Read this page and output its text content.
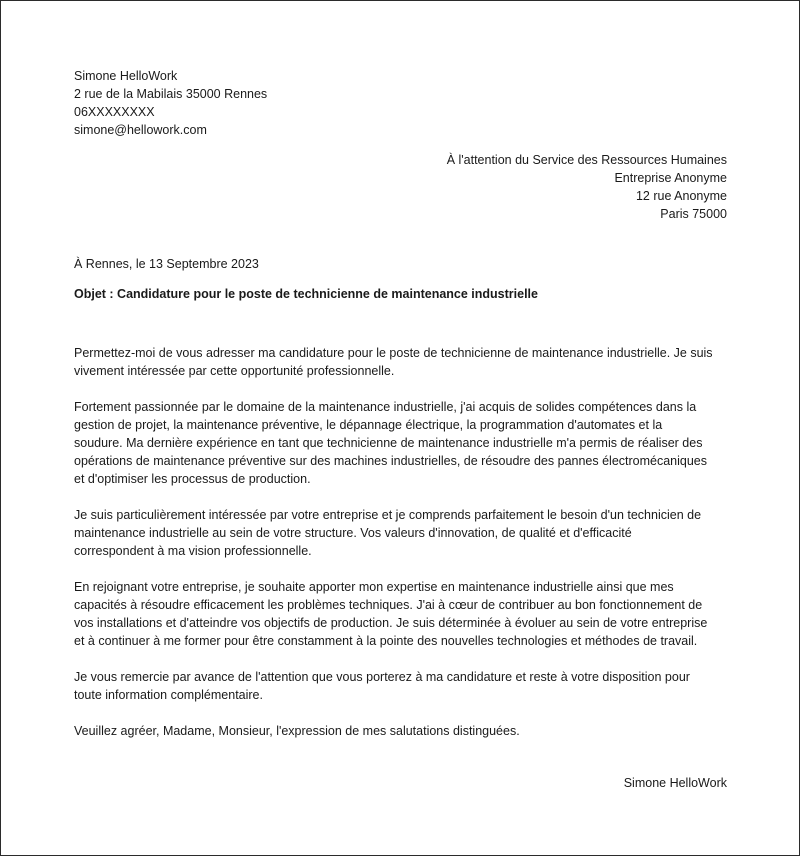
Simone HelloWork
2 rue de la Mabilais 35000 Rennes
06XXXXXXXX
simone@hellowork.com
À l'attention du Service des Ressources Humaines
Entreprise Anonyme
12 rue Anonyme
Paris 75000
À Rennes, le 13 Septembre 2023
Objet : Candidature pour le poste de technicienne de maintenance industrielle

Permettez-moi de vous adresser ma candidature pour le poste de technicienne de maintenance industrielle. Je suis
vivement intéressée par cette opportunité professionnelle.

Fortement passionnée par le domaine de la maintenance industrielle, j'ai acquis de solides compétences dans la
gestion de projet, la maintenance préventive, le dépannage électrique, la programmation d'automates et la
soudure. Ma dernière expérience en tant que technicienne de maintenance industrielle m'a permis de réaliser des
opérations de maintenance préventive sur des machines industrielles, de résoudre des pannes électromécaniques
et d'optimiser les processus de production.

Je suis particulièrement intéressée par votre entreprise et je comprends parfaitement le besoin d'un technicien de
maintenance industrielle au sein de votre structure. Vos valeurs d'innovation, de qualité et d'efficacité
correspondent à ma vision professionnelle.

En rejoignant votre entreprise, je souhaite apporter mon expertise en maintenance industrielle ainsi que mes
capacités à résoudre efficacement les problèmes techniques. J'ai à cœur de contribuer au bon fonctionnement de
vos installations et d'atteindre vos objectifs de production. Je suis déterminée à évoluer au sein de votre entreprise
et à continuer à me former pour être constamment à la pointe des nouvelles technologies et méthodes de travail.

Je vous remercie par avance de l'attention que vous porterez à ma candidature et reste à votre disposition pour
toute information complémentaire.

Veuillez agréer, Madame, Monsieur, l'expression de mes salutations distinguées.

Simone HelloWork
